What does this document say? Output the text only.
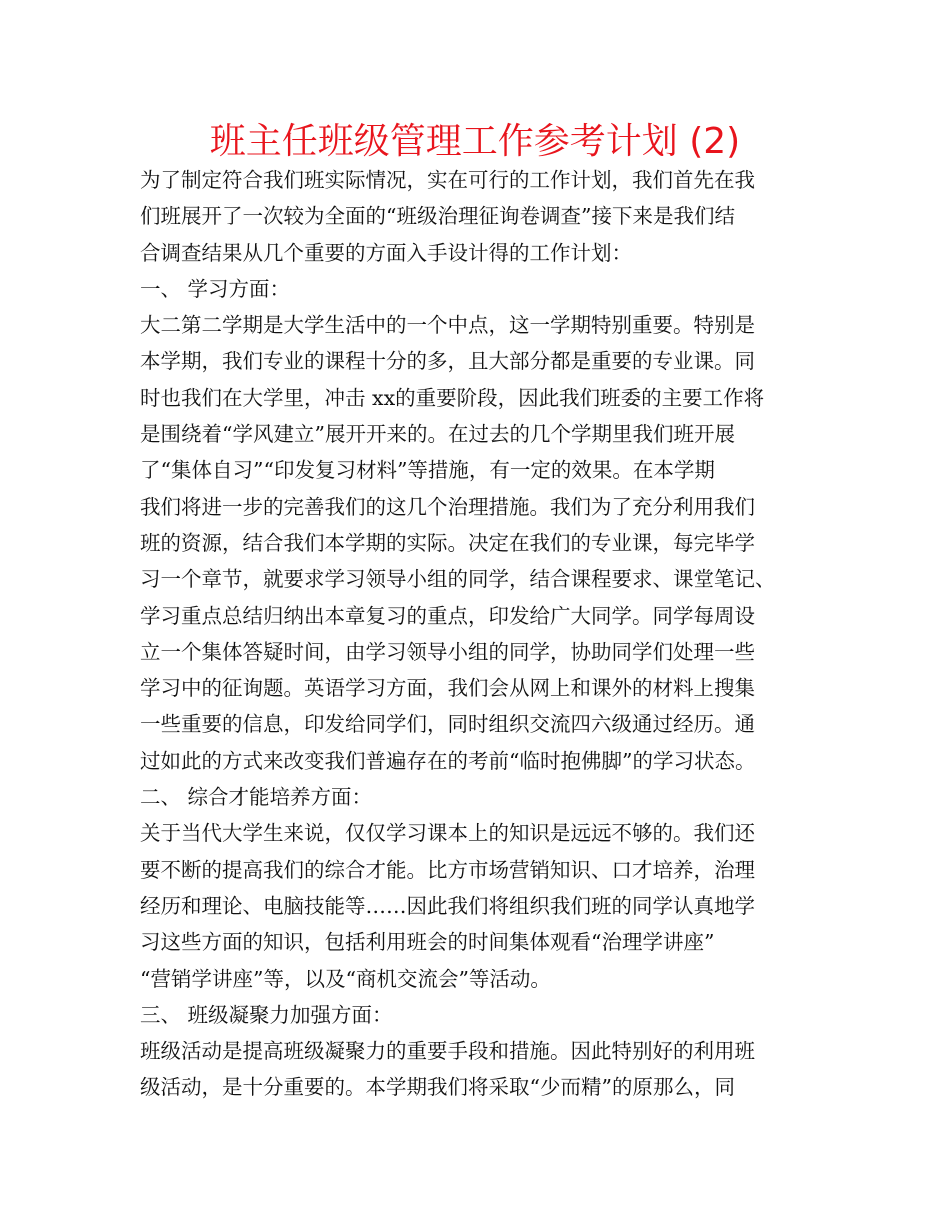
班主任班级管理工作参考计划 (2)
为了制定符合我们班实际情况，实在可行的工作计划，我们首先在我
们班展开了一次较为全面的“班级治理征询卷调查”接下来是我们结
合调查结果从几个重要的方面入手设计得的工作计划：
一、 学习方面：
大二第二学期是大学生活中的一个中点，这一学期特别重要。特别是
本学期，我们专业的课程十分的多，且大部分都是重要的专业课。同
时也我们在大学里，冲击 xx的重要阶段，因此我们班委的主要工作将
是围绕着“学风建立”展开开来的。在过去的几个学期里我们班开展
了“集体自习”“印发复习材料”等措施，有一定的效果。在本学期
我们将进一步的完善我们的这几个治理措施。我们为了充分利用我们
班的资源，结合我们本学期的实际。决定在我们的专业课，每完毕学
习一个章节，就要求学习领导小组的同学，结合课程要求、课堂笔记、
学习重点总结归纳出本章复习的重点，印发给广大同学。同学每周设
立一个集体答疑时间，由学习领导小组的同学，协助同学们处理一些
学习中的征询题。英语学习方面，我们会从网上和课外的材料上搜集
一些重要的信息，印发给同学们，同时组织交流四六级通过经历。通
过如此的方式来改变我们普遍存在的考前“临时抱佛脚”的学习状态。
二、 综合才能培养方面：
关于当代大学生来说，仅仅学习课本上的知识是远远不够的。我们还
要不断的提高我们的综合才能。比方市场营销知识、口才培养，治理
经历和理论、电脑技能等……因此我们将组织我们班的同学认真地学
习这些方面的知识，包括利用班会的时间集体观看“治理学讲座”
“营销学讲座”等，以及“商机交流会”等活动。
三、 班级凝聚力加强方面：
班级活动是提高班级凝聚力的重要手段和措施。因此特别好的利用班
级活动，是十分重要的。本学期我们将采取“少而精”的原那么，同
